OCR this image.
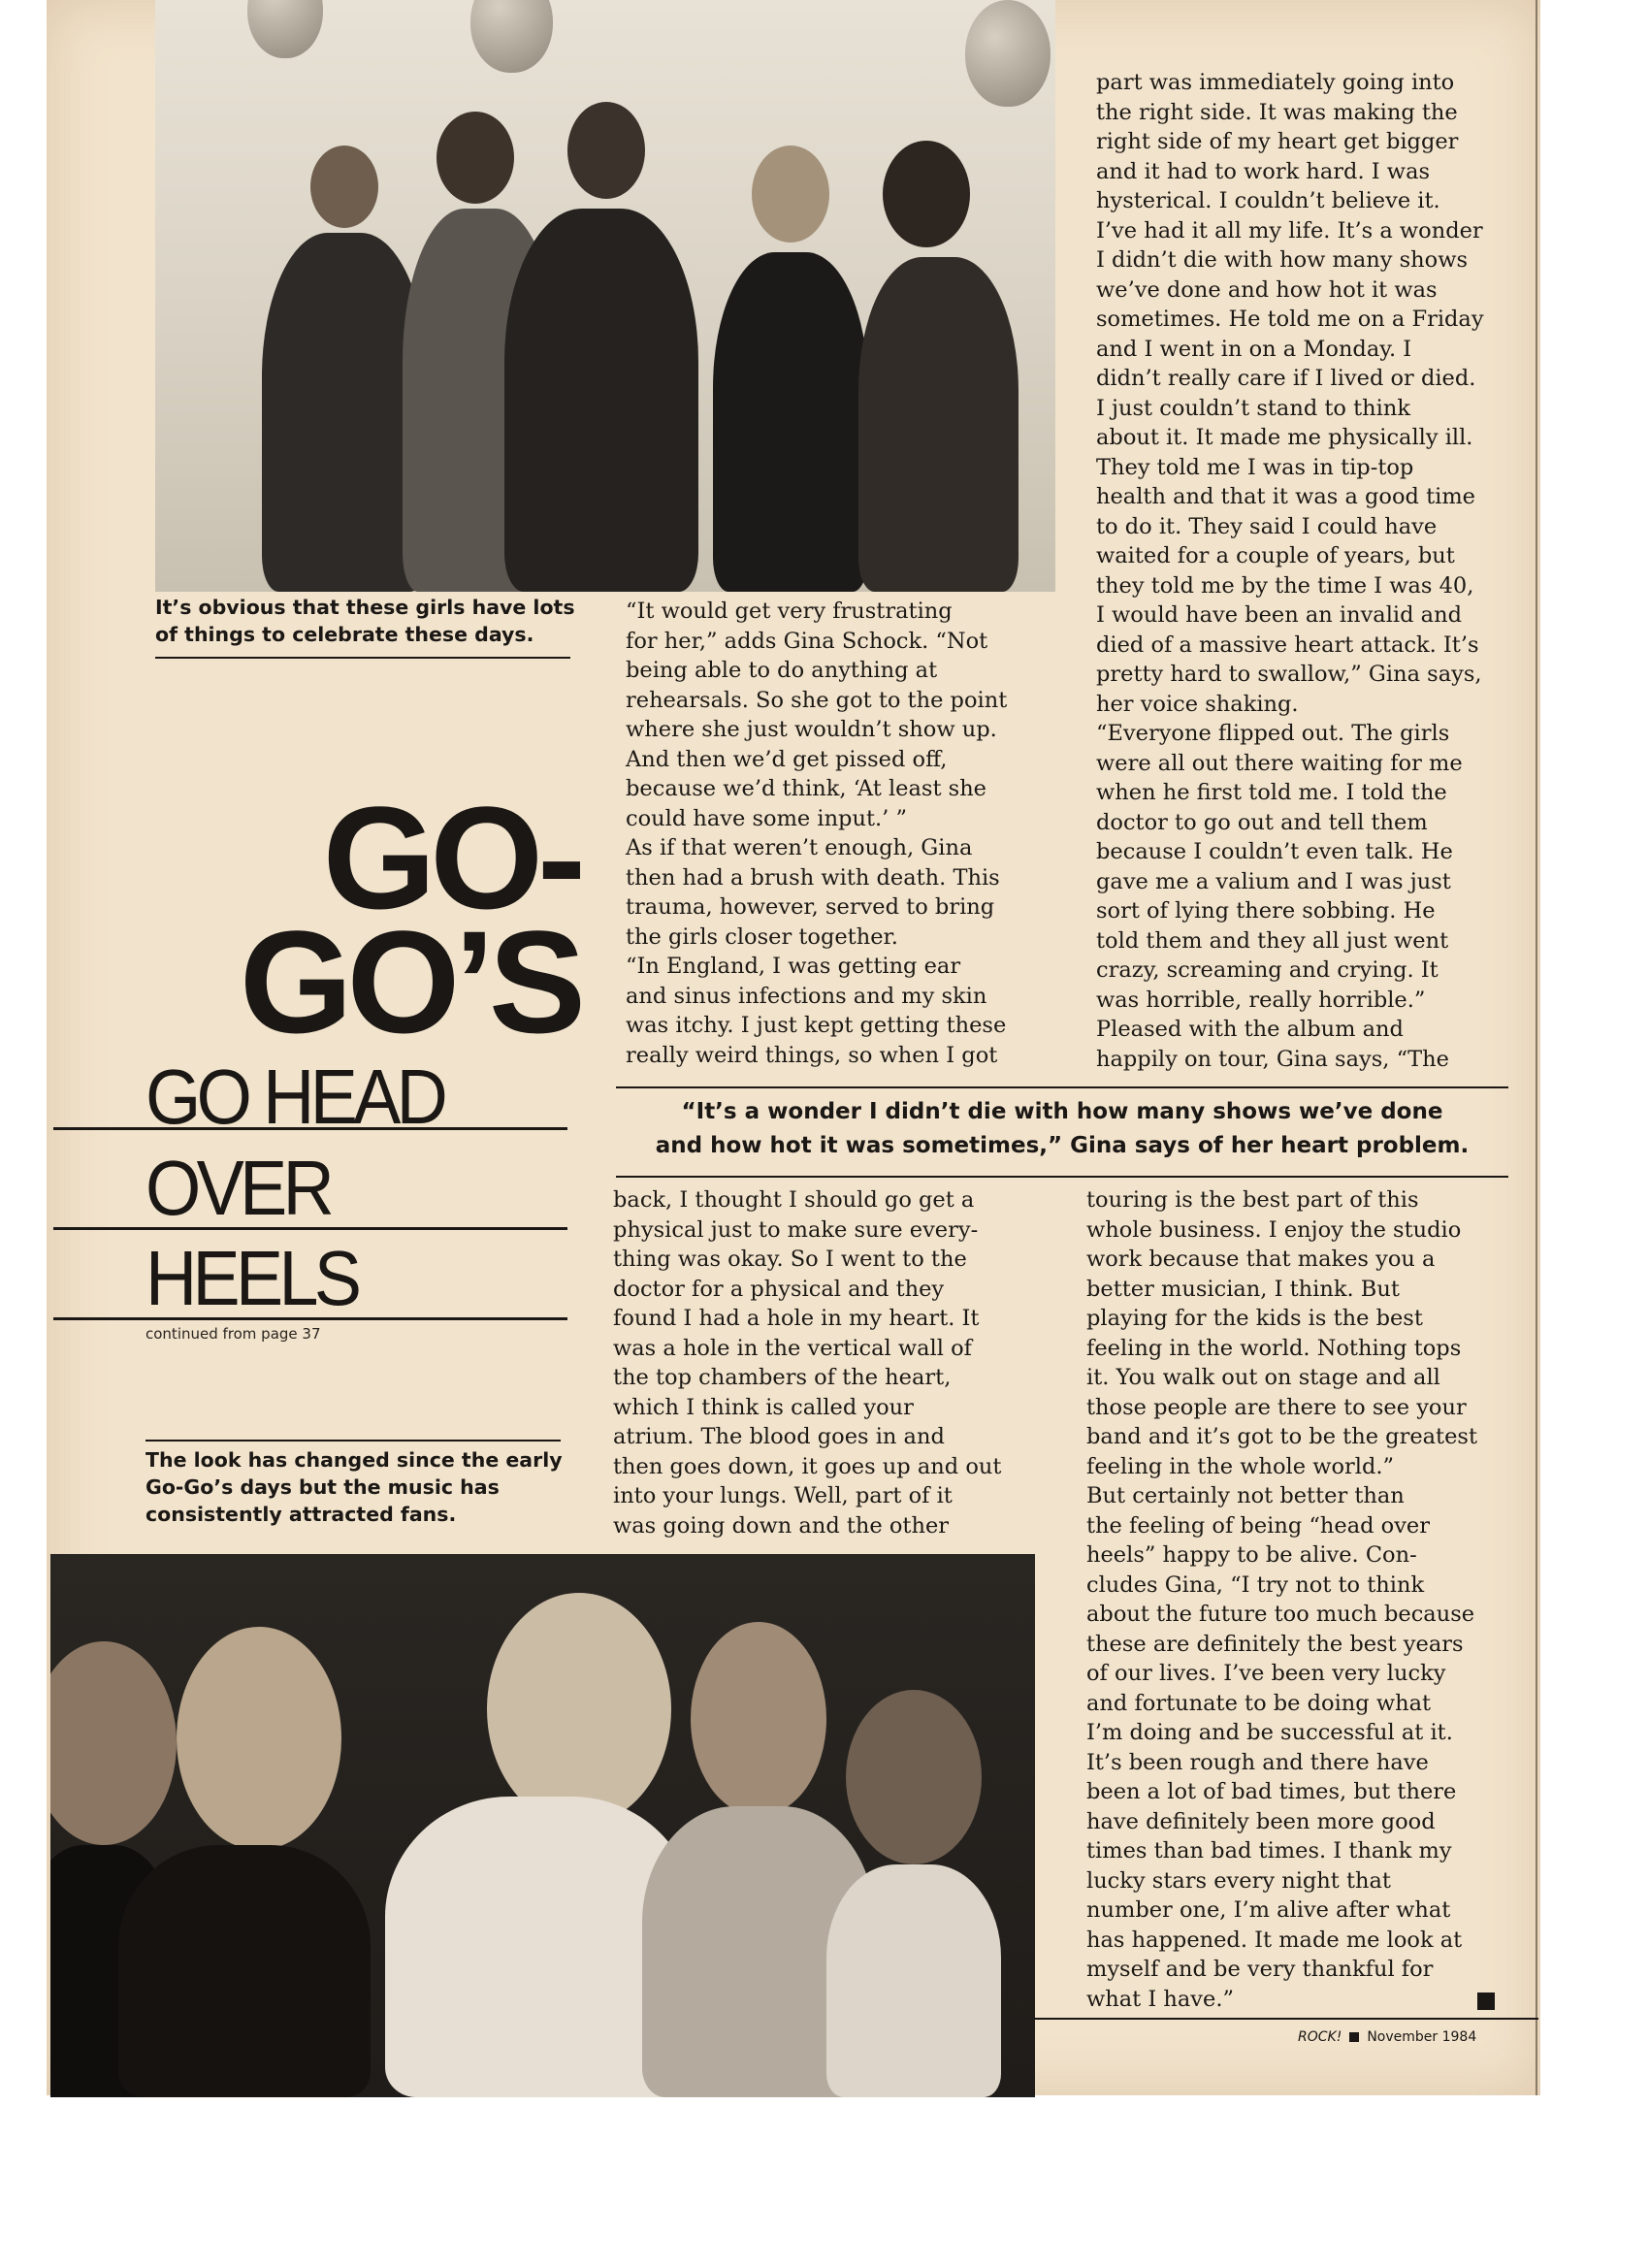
It’s obvious that these girls have lots of things to celebrate these days.
GO-
GO’S
GO HEAD
OVER
HEELS
continued from page 37
The look has changed since the early Go-Go’s days but the music has consistently attracted fans.
“It would get very frustrating
for her,” adds Gina Schock. “Not
being able to do anything at
rehearsals. So she got to the point
where she just wouldn’t show up.
And then we’d get pissed off,
because we’d think, ‘At least she
could have some input.’ ”
As if that weren’t enough, Gina
then had a brush with death. This
trauma, however, served to bring
the girls closer together.
“In England, I was getting ear
and sinus infections and my skin
was itchy. I just kept getting these
really weird things, so when I got
part was immediately going into
the right side. It was making the
right side of my heart get bigger
and it had to work hard. I was
hysterical. I couldn’t believe it.
I’ve had it all my life. It’s a wonder
I didn’t die with how many shows
we’ve done and how hot it was
sometimes. He told me on a Friday
and I went in on a Monday. I
didn’t really care if I lived or died.
I just couldn’t stand to think
about it. It made me physically ill.
They told me I was in tip-top
health and that it was a good time
to do it. They said I could have
waited for a couple of years, but
they told me by the time I was 40,
I would have been an invalid and
died of a massive heart attack. It’s
pretty hard to swallow,” Gina says,
her voice shaking.
“Everyone flipped out. The girls
were all out there waiting for me
when he first told me. I told the
doctor to go out and tell them
because I couldn’t even talk. He
gave me a valium and I was just
sort of lying there sobbing. He
told them and they all just went
crazy, screaming and crying. It
was horrible, really horrible.”
Pleased with the album and
happily on tour, Gina says, “The
“It’s a wonder I didn’t die with how many shows we’ve done
and how hot it was sometimes,” Gina says of her heart problem.
back, I thought I should go get a
physical just to make sure every-
thing was okay. So I went to the
doctor for a physical and they
found I had a hole in my heart. It
was a hole in the vertical wall of
the top chambers of the heart,
which I think is called your
atrium. The blood goes in and
then goes down, it goes up and out
into your lungs. Well, part of it
was going down and the other
touring is the best part of this
whole business. I enjoy the studio
work because that makes you a
better musician, I think. But
playing for the kids is the best
feeling in the world. Nothing tops
it. You walk out on stage and all
those people are there to see your
band and it’s got to be the greatest
feeling in the whole world.”
But certainly not better than
the feeling of being “head over
heels” happy to be alive. Con-
cludes Gina, “I try not to think
about the future too much because
these are definitely the best years
of our lives. I’ve been very lucky
and fortunate to be doing what
I’m doing and be successful at it.
It’s been rough and there have
been a lot of bad times, but there
have definitely been more good
times than bad times. I thank my
lucky stars every night that
number one, I’m alive after what
has happened. It made me look at
myself and be very thankful for
what I have.”
ROCK! November 1984
